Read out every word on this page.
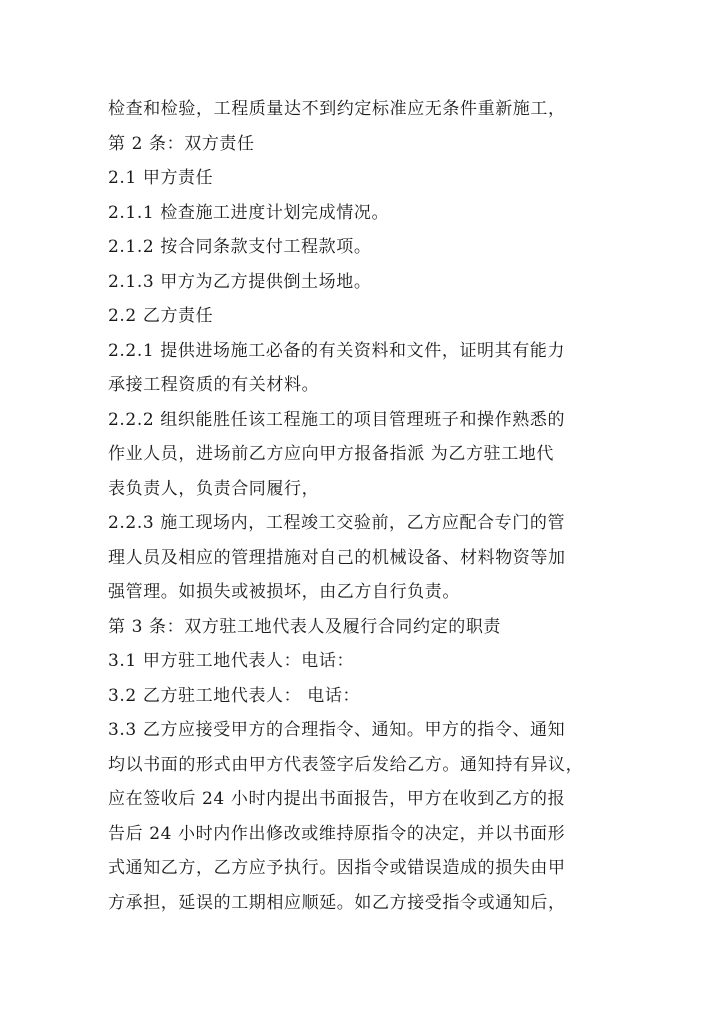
检查和检验，工程质量达不到约定标准应无条件重新施工，
第 2 条：双方责任
2.1 甲方责任
2.1.1 检查施工进度计划完成情况。
2.1.2 按合同条款支付工程款项。
2.1.3 甲方为乙方提供倒土场地。
2.2 乙方责任
2.2.1 提供进场施工必备的有关资料和文件，证明其有能力
承接工程资质的有关材料。
2.2.2 组织能胜任该工程施工的项目管理班子和操作熟悉的
作业人员，进场前乙方应向甲方报备指派 为乙方驻工地代
表负责人，负责合同履行，
2.2.3 施工现场内，工程竣工交验前，乙方应配合专门的管
理人员及相应的管理措施对自己的机械设备、材料物资等加
强管理。如损失或被损坏，由乙方自行负责。
第 3 条：双方驻工地代表人及履行合同约定的职责
3.1 甲方驻工地代表人：电话：
3.2 乙方驻工地代表人： 电话：
3.3 乙方应接受甲方的合理指令、通知。甲方的指令、通知
均以书面的形式由甲方代表签字后发给乙方。通知持有异议，
应在签收后 24 小时内提出书面报告，甲方在收到乙方的报
告后 24 小时内作出修改或维持原指令的决定，并以书面形
式通知乙方，乙方应予执行。因指令或错误造成的损失由甲
方承担，延误的工期相应顺延。如乙方接受指令或通知后，
